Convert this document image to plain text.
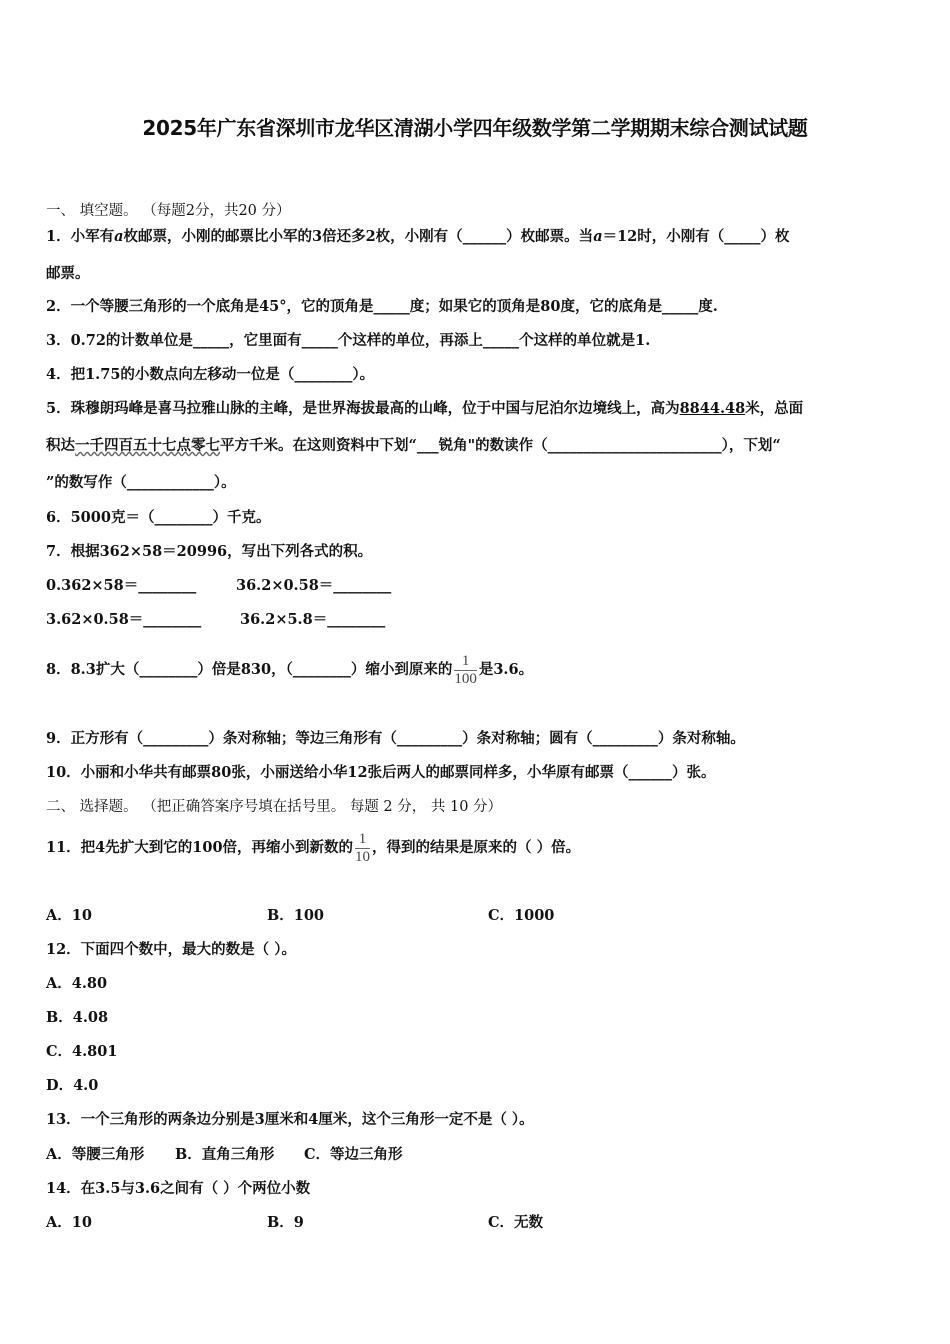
2025年广东省深圳市龙华区清湖小学四年级数学第二学期期末综合测试试题
一、 填空题。 （每题2分，共20 分）
1．小军有a枚邮票，小刚的邮票比小军的3倍还多2枚，小刚有（______）枚邮票。当a＝12时，小刚有（_____）枚
邮票。
2．一个等腰三角形的一个底角是45°，它的顶角是_____度；如果它的顶角是80度，它的底角是_____度.
3．0.72的计数单位是_____，它里面有_____个这样的单位，再添上_____个这样的单位就是1.
4．把1.75的小数点向左移动一位是（________）。
5．珠穆朗玛峰是喜马拉雅山脉的主峰，是世界海拔最高的山峰，位于中国与尼泊尔边境线上，高为8844.48米，总面
积达一千四百五十七点零七平方千米。在这则资料中下划“___锐角"的数读作（________________________），下划“
”的数写作（____________）。
6．5000克＝（________）千克。
7．根据362×58＝20996，写出下列各式的积。
0.362×58＝________	36.2×0.58＝________
3.62×0.58＝________	36.2×5.8＝________
8．8.3扩大（________）倍是830，（________）缩小到原来的 $\frac{1}{100}$ 是3.6。
9．正方形有（_________）条对称轴；等边三角形有（_________）条对称轴；圆有（_________）条对称轴。
10．小丽和小华共有邮票80张，小丽送给小华12张后两人的邮票同样多，小华原有邮票（______）张。
二、 选择题。 （把正确答案序号填在括号里。 每题 2 分， 共 10 分）
11．把4先扩大到它的100倍，再缩小到新数的 $\frac{1}{10}$ ，得到的结果是原来的（ ）倍。
A．10	B．100	C．1000
12．下面四个数中，最大的数是（ ）。
A．4.80
B．4.08
C．4.801
D．4.0
13．一个三角形的两条边分别是3厘米和4厘米，这个三角形一定不是（ ）。
A．等腰三角形 B．直角三角形 C．等边三角形
14．在3.5与3.6之间有（ ）个两位小数
A．10	B．9	C．无数
